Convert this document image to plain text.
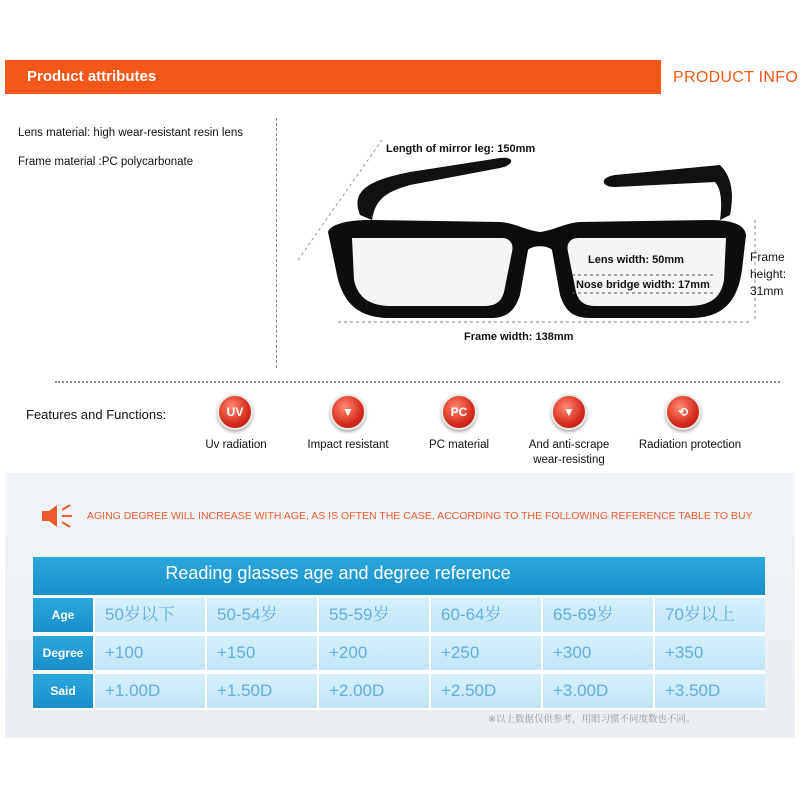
Product attributes	PRODUCT INFO
Lens material: high wear-resistant resin lens
Frame material :PC polycarbonate
Length of mirror leg: 150mm
Lens width: 50mm
Nose bridge width: 17mm
Frame width: 138mm
Frame
height:
31mm
Features and Functions:	UV
Uv radiation
▼
Impact resistant
PC
PC material
▼
And anti-scrape
wear-resisting
⟲
Radiation protection
AGING DEGREE WILL INCREASE WITH AGE, AS IS OFTEN THE CASE, ACCORDING TO THE FOLLOWING REFERENCE TABLE TO BUY
Reading glasses age and degree reference
Age	50岁以下	50-54岁	55-59岁	60-64岁	65-69岁	70岁以上
Degree	+100	+150	+200	+250	+300	+350
Said	+1.00D	+1.50D	+2.00D	+2.50D	+3.00D	+3.50D
※以上数据仅供参考，用眼习惯不同度数也不同。
